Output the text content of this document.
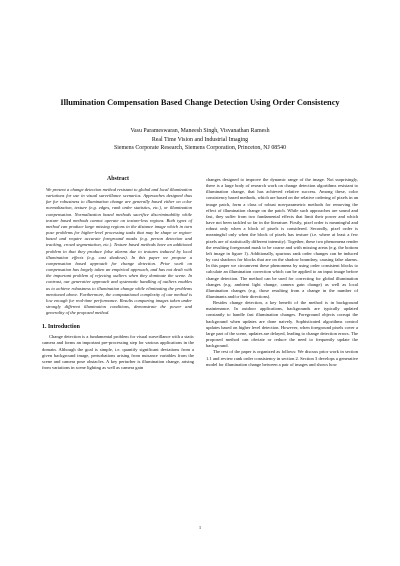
Illumination Compensation Based Change Detection Using Order Consistency
Vasu Parameswaran, Maneesh Singh, Visvanathan Ramesh
Real Time Vision and Industrial Imaging
Siemens Corporate Research, Siemens Corporation, Princeton, NJ 08540
Abstract

We present a change detection method resistant to global and local illumination variations for use in visual surveillance scenarios. Approaches designed thus far for robustness to illumination change are generally based either on color normalization, texture (e.g. edges, rank order statistics, etc.), or illumination compensation. Normalization based methods sacrifice discriminability while texture based methods cannot operate on texture-less regions. Both types of method can produce large missing regions in the distance image which in turn pose problems for higher-level processing tasks that may be shape or region-based and require accurate foreground masks (e.g. person detection and tracking, crowd segmentation, etc.). Texture based methods have an additional problem in that they produce false alarms due to textures induced by local illumination effects (e.g. cast shadows). In this paper we propose a compensation based approach for change detection. Prior work on compensation has largely taken an empirical approach, and has not dealt with the important problem of rejecting outliers when they dominate the scene. In contrast, our generative approach and systematic handling of outliers enables us to achieve robustness to illumination change while eliminating the problems mentioned above. Furthermore, the computational complexity of our method is low enough for real-time performance. Results comparing images taken under strongly different illumination conditions, demonstrate the power and generality of the proposed method.

1. Introduction

Change detection is a fundamental problem for visual surveillance with a static camera and forms an important pre-processing step for various applications in the domain. Although the goal is simple, i.e. quantify significant deviations from a given background image, perturbations arising from nuisance variables from the scene and camera pose obstacles. A key perturber is illumination change, arising from variations in scene lighting as well as camera gain

changes designed to improve the dynamic range of the image. Not surprisingly, there is a large body of research work on change detection algorithms resistant to illumination change, that has achieved relative success. Among these, color consistency based methods, which are based on the relative ordering of pixels in an image patch, form a class of robust non-parametric methods for removing the effect of illumination change on the patch. While such approaches are sound and fast, they suffer from two fundamental effects that limit their power and which have not been tackled so far in the literature. Firstly, pixel order is meaningful and robust only when a block of pixels is considered. Secondly, pixel order is meaningful only when the block of pixels has texture (i.e. where at least a few pixels are of statistically different intensity). Together, these two phenomena render the resulting foreground mask to be coarse and with missing areas (e.g. the bottom left image in figure 1). Additionally, spurious rank order changes can be induced by cast shadows for blocks that are on the shadow boundary, causing false alarms. In this paper we circumvent these phenomena by using order consistent blocks to calculate an illumination correction which can be applied to an input image before change detection. The method can be used for correcting for global illumination changes (e.g. ambient light change, camera gain change) as well as local illumination changes (e.g. those resulting from a change in the number of illuminants and/or their directions).

Besides change detection, a key benefit of the method is in background maintenance. In outdoor applications, backgrounds are typically updated constantly to handle fast illumination changes. Foreground objects corrupt the background when updates are done naively. Sophisticated algorithms control updates based on higher level detection. However, when foreground pixels cover a large part of the scene, updates are delayed, leading to change detection errors. The proposed method can obviate or reduce the need to frequently update the background.

The rest of the paper is organized as follows: We discuss prior work in section 1.1 and review rank order consistency in section 2. Section 3 develops a generative model for illumination change between a pair of images and shows how

1
